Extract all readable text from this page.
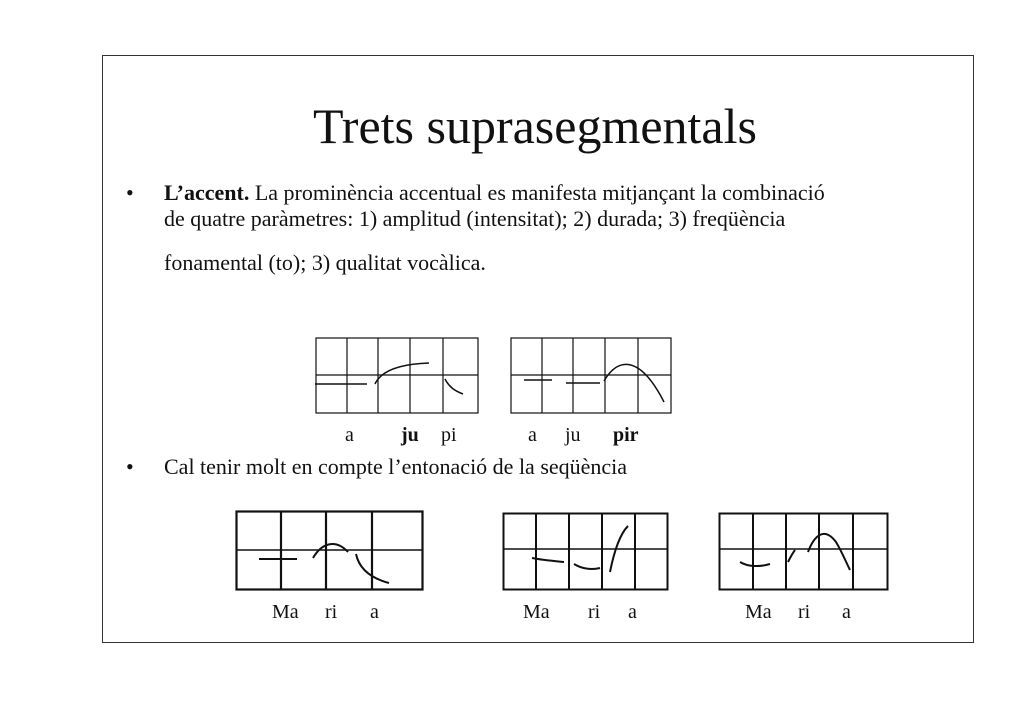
Trets suprasegmentals
• L’accent. La prominència accentual es manifesta mitjançant la combinació
de quatre paràmetres: 1) amplitud (intensitat); 2) durada; 3) freqüència
fonamental (to); 3) qualitat vocàlica.
a ju pi	a ju pir
• Cal tenir molt en compte l’entonació de la seqüència
Ma ri a	Ma ri a	Ma ri a
